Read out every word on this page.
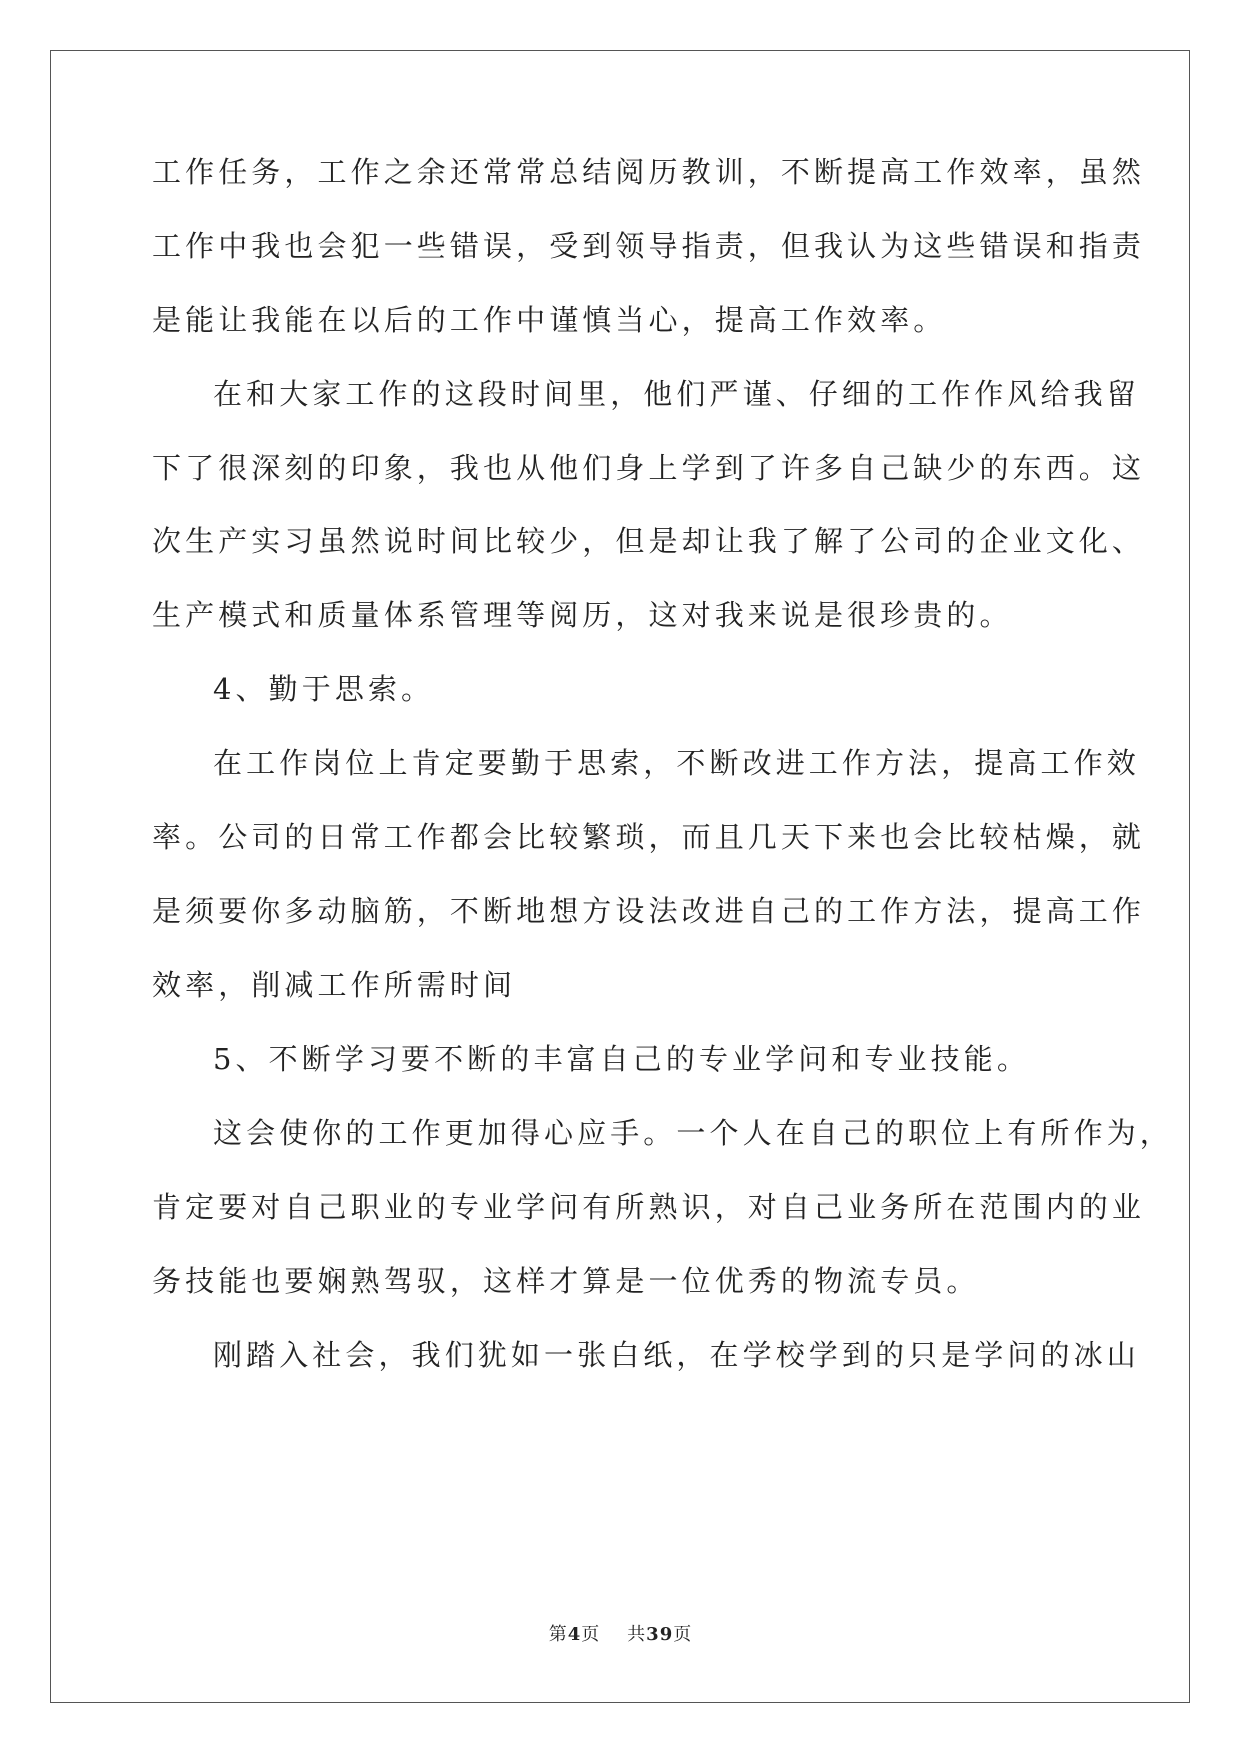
工作任务，工作之余还常常总结阅历教训，不断提高工作效率，虽然
工作中我也会犯一些错误，受到领导指责，但我认为这些错误和指责
是能让我能在以后的工作中谨慎当心，提高工作效率。
在和大家工作的这段时间里，他们严谨、仔细的工作作风给我留
下了很深刻的印象，我也从他们身上学到了许多自己缺少的东西。这
次生产实习虽然说时间比较少，但是却让我了解了公司的企业文化、
生产模式和质量体系管理等阅历，这对我来说是很珍贵的。
4、勤于思索。
在工作岗位上肯定要勤于思索，不断改进工作方法，提高工作效
率。公司的日常工作都会比较繁琐，而且几天下来也会比较枯燥，就
是须要你多动脑筋，不断地想方设法改进自己的工作方法，提高工作
效率，削减工作所需时间
5、不断学习要不断的丰富自己的专业学问和专业技能。
这会使你的工作更加得心应手。一个人在自己的职位上有所作为，
肯定要对自己职业的专业学问有所熟识，对自己业务所在范围内的业
务技能也要娴熟驾驭，这样才算是一位优秀的物流专员。
刚踏入社会，我们犹如一张白纸，在学校学到的只是学问的冰山
第4页 共39页
